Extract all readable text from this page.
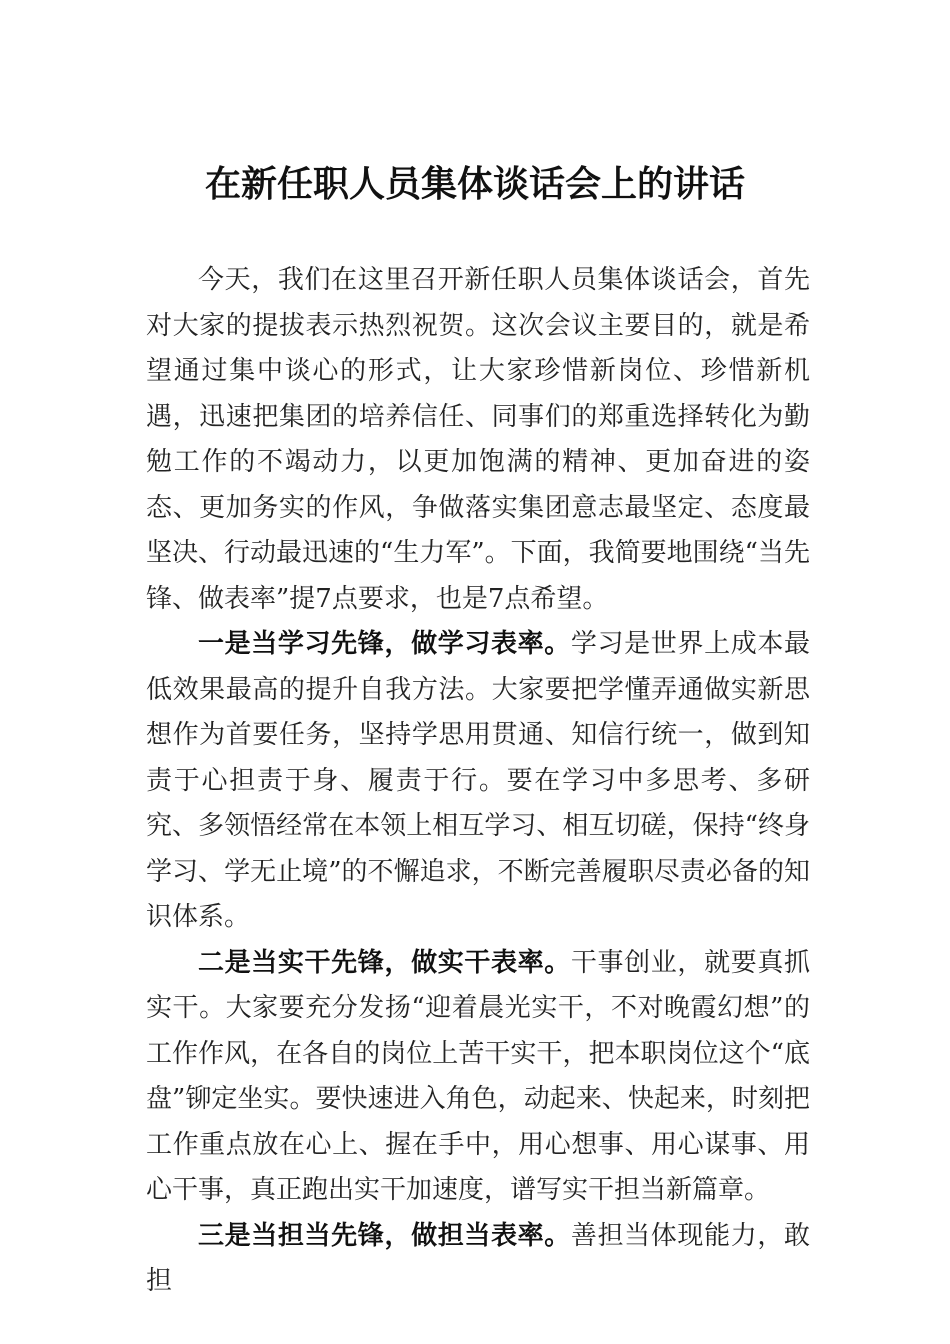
在新任职人员集体谈话会上的讲话

今天，我们在这里召开新任职人员集体谈话会，首先对大家的提拔表示热烈祝贺。这次会议主要目的，就是希望通过集中谈心的形式，让大家珍惜新岗位、珍惜新机遇，迅速把集团的培养信任、同事们的郑重选择转化为勤勉工作的不竭动力，以更加饱满的精神、更加奋进的姿态、更加务实的作风，争做落实集团意志最坚定、态度最坚决、行动最迅速的“生力军”。下面，我简要地围绕“当先锋、做表率”提7点要求，也是7点希望。

一是当学习先锋，做学习表率。学习是世界上成本最低效果最高的提升自我方法。大家要把学懂弄通做实新思想作为首要任务，坚持学思用贯通、知信行统一，做到知责于心担责于身、履责于行。要在学习中多思考、多研究、多领悟经常在本领上相互学习、相互切磋，保持“终身学习、学无止境”的不懈追求，不断完善履职尽责必备的知识体系。

二是当实干先锋，做实干表率。干事创业，就要真抓实干。大家要充分发扬“迎着晨光实干，不对晚霞幻想”的工作作风，在各自的岗位上苦干实干，把本职岗位这个“底盘”铆定坐实。要快速进入角色，动起来、快起来，时刻把工作重点放在心上、握在手中，用心想事、用心谋事、用心干事，真正跑出实干加速度，谱写实干担当新篇章。

三是当担当先锋，做担当表率。善担当体现能力，敢担
